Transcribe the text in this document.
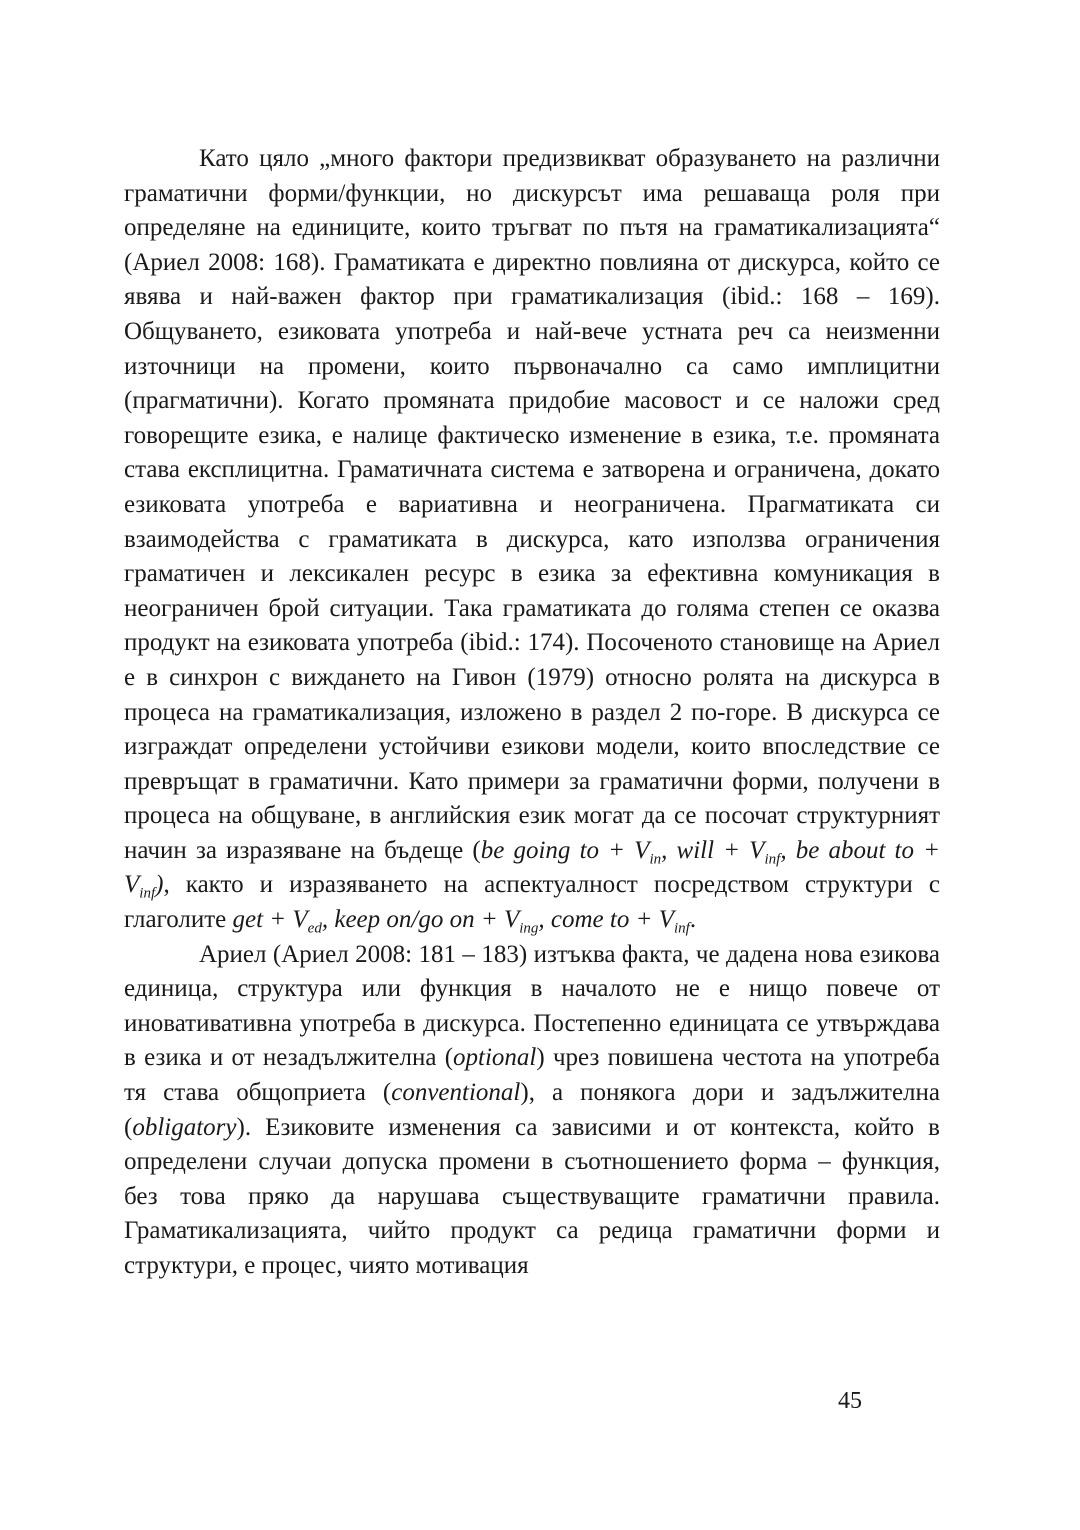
Като цяло „много фактори предизвикват образуването на различни граматични форми/функции, но дискурсът има решаваща роля при определяне на единиците, които тръгват по пътя на граматикализацията“ (Ариел 2008: 168). Граматиката е директно повлияна от дискурса, който се явява и най-важен фактор при граматикализация (ibid.: 168 – 169). Общуването, езиковата употреба и най-вече устната реч са неизменни източници на промени, които първоначално са само имплицитни (прагматични). Когато промяната придобие масовост и се наложи сред говорещите езика, е налице фактическо изменение в езика, т.е. промяната става експлицитна. Граматичната система е затворена и ограничена, докато езиковата употреба е вариативна и неограничена. Прагматиката си взаимодейства с граматиката в дискурса, като използва ограничения граматичен и лексикален ресурс в езика за ефективна комуникация в неограничен брой ситуации. Така граматиката до голяма степен се оказва продукт на езиковата употреба (ibid.: 174). Посоченото становище на Ариел е в синхрон с виждането на Гивон (1979) относно ролята на дискурса в процеса на граматикализация, изложено в раздел 2 по-горе. В дискурса се изграждат определени устойчиви езикови модели, които впоследствие се превръщат в граматични. Като примери за граматични форми, получени в процеса на общуване, в английския език могат да се посочат структурният начин за изразяване на бъдеще (be going to + $V_{in}$, will + $V_{inf}$, be about to + $V_{inf}$), както и изразяването на аспектуалност посредством структури с глаголите get + $V_{ed}$, keep on/go on + $V_{ing}$, come to + $V_{inf}$.

Ариел (Ариел 2008: 181 – 183) изтъква факта, че дадена нова езикова единица, структура или функция в началото не е нищо повече от иновативативна употреба в дискурса. Постепенно единицата се утвърждава в езика и от незадължителна (optional) чрез повишена честота на употреба тя става общоприета (conventional), а понякога дори и задължителна (obligatory). Езиковите изменения са зависими и от контекста, който в определени случаи допуска промени в съотношението форма – функция, без това пряко да нарушава съществуващите граматични правила. Граматикализацията, чийто продукт са редица граматични форми и структури, е процес, чиято мотивация

45
